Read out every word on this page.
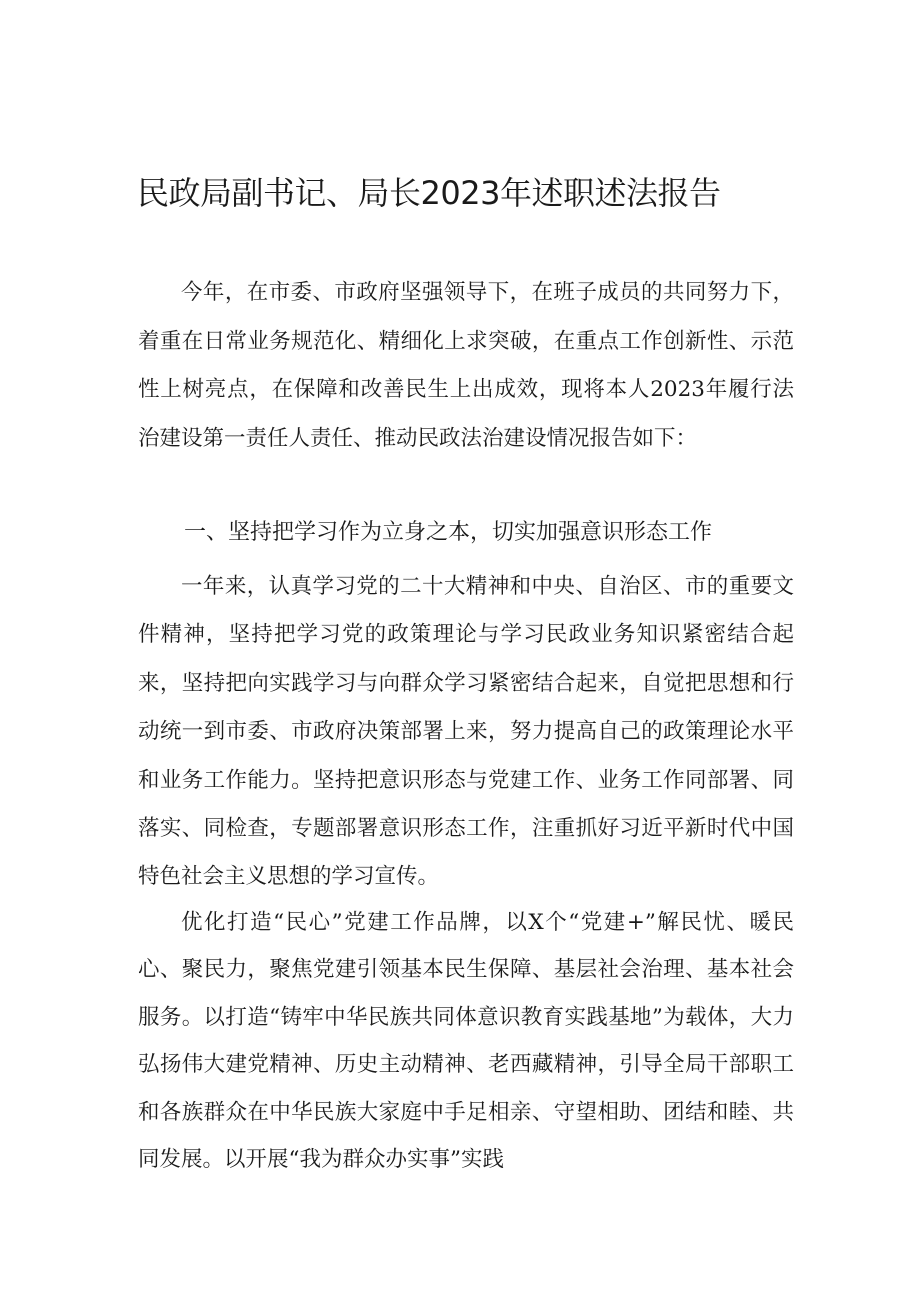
民政局副书记、局长2023年述职述法报告

今年，在市委、市政府坚强领导下，在班子成员的共同努力下，着重在日常业务规范化、精细化上求突破，在重点工作创新性、示范性上树亮点，在保障和改善民生上出成效，现将本人2023年履行法治建设第一责任人责任、推动民政法治建设情况报告如下：

一、坚持把学习作为立身之本，切实加强意识形态工作

一年来，认真学习党的二十大精神和中央、自治区、市的重要文件精神，坚持把学习党的政策理论与学习民政业务知识紧密结合起来，坚持把向实践学习与向群众学习紧密结合起来，自觉把思想和行动统一到市委、市政府决策部署上来，努力提高自己的政策理论水平和业务工作能力。坚持把意识形态与党建工作、业务工作同部署、同落实、同检查，专题部署意识形态工作，注重抓好习近平新时代中国特色社会主义思想的学习宣传。

优化打造“民心”党建工作品牌，以X个“党建+”解民忧、暖民心、聚民力，聚焦党建引领基本民生保障、基层社会治理、基本社会服务。以打造“铸牢中华民族共同体意识教育实践基地”为载体，大力弘扬伟大建党精神、历史主动精神、老西藏精神，引导全局干部职工和各族群众在中华民族大家庭中手足相亲、守望相助、团结和睦、共同发展。以开展“我为群众办实事”实践
